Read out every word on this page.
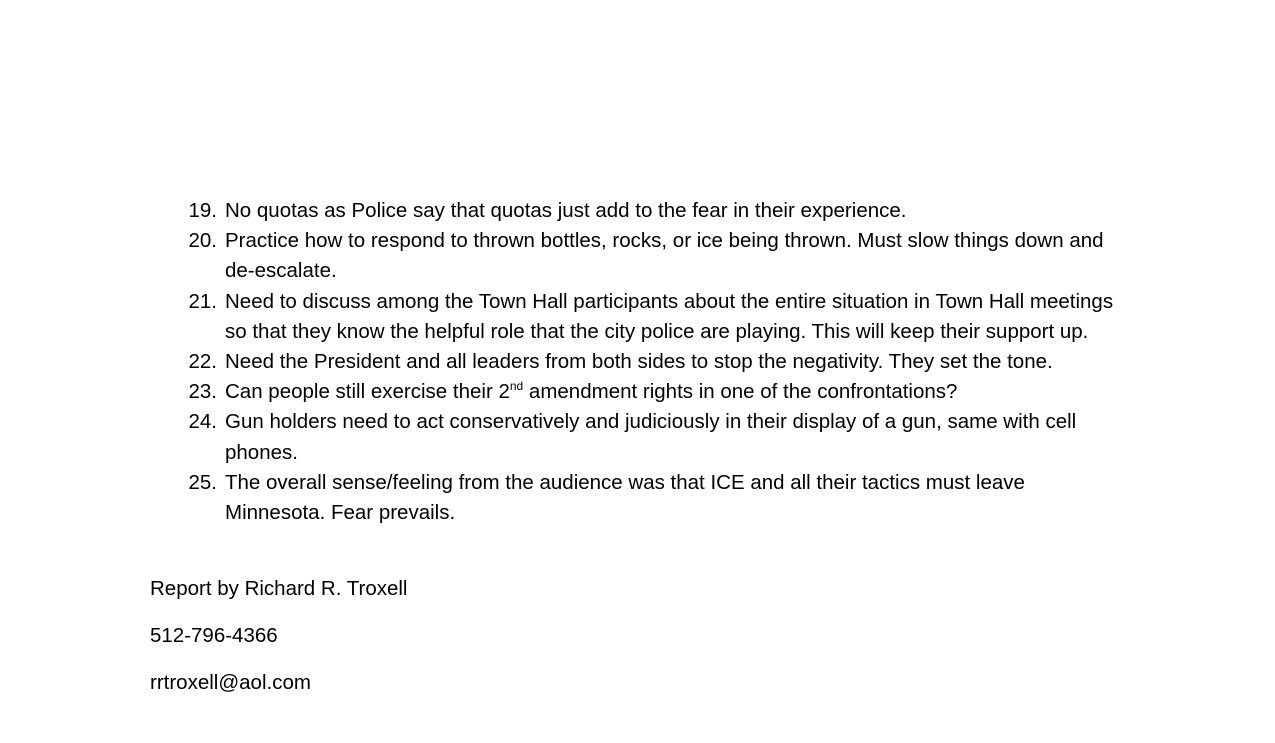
19. No quotas as Police say that quotas just add to the fear in their experience.
20. Practice how to respond to thrown bottles, rocks, or ice being thrown. Must slow things down and de-escalate.
21. Need to discuss among the Town Hall participants about the entire situation in Town Hall meetings so that they know the helpful role that the city police are playing. This will keep their support up.
22. Need the President and all leaders from both sides to stop the negativity. They set the tone.
23. Can people still exercise their 2nd amendment rights in one of the confrontations?
24. Gun holders need to act conservatively and judiciously in their display of a gun, same with cell phones.
25. The overall sense/feeling from the audience was that ICE and all their tactics must leave Minnesota. Fear prevails.
Report by Richard R. Troxell
512-796-4366
rrtroxell@aol.com
